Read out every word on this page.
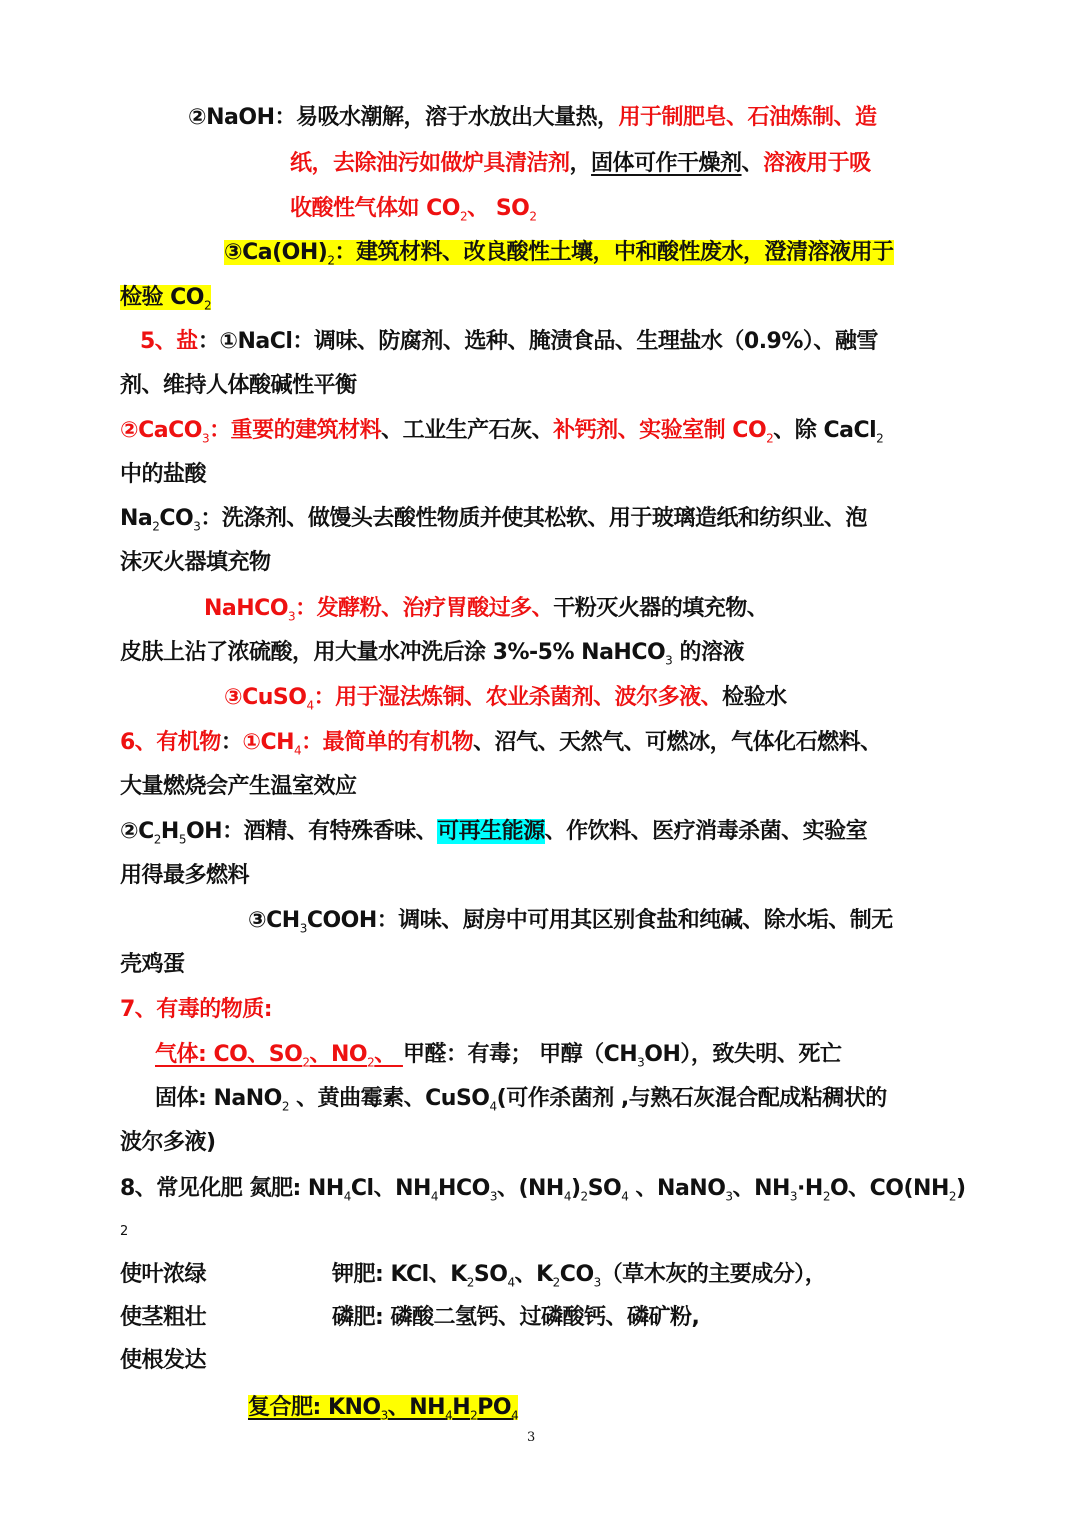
②NaOH：易吸水潮解，溶于水放出大量热，用于制肥皂、石油炼制、造
纸，去除油污如做炉具清洁剂，固体可作干燥剂、溶液用于吸
收酸性气体如 $CO_2$、 $SO_2$
$③Ca(OH)_2$：建筑材料、改良酸性土壤，中和酸性废水，澄清溶液用于
检验 $CO_2$
5、盐：①NaCl：调味、防腐剂、选种、腌渍食品、生理盐水（0.9%）、融雪
剂、维持人体酸碱性平衡
②CaCO$_3$：重要的建筑材料、工业生产石灰、补钙剂、实验室制 $CO_2$、除 CaCl$_2$
中的盐酸
$Na_2CO_3$：洗涤剂、做馒头去酸性物质并使其松软、用于玻璃造纸和纺织业、泡
沫灭火器填充物
NaHCO$_3$：发酵粉、治疗胃酸过多、干粉灭火器的填充物、
皮肤上沾了浓硫酸，用大量水冲洗后涂 3%-5% NaHCO$_3$ 的溶液
③CuSO$_4$：用于湿法炼铜、农业杀菌剂、波尔多液、检验水
6、有机物：$①CH_4$：最简单的有机物、沼气、天然气、可燃冰，气体化石燃料、
大量燃烧会产生温室效应
$②C_2H_5OH$：酒精、有特殊香味、可再生能源、作饮料、医疗消毒杀菌、实验室
用得最多燃料
$③CH_3COOH$：调味、厨房中可用其区别食盐和纯碱、除水垢、制无
壳鸡蛋
7、有毒的物质:
气体: CO、$SO_2$、$NO_2$、 甲醛：有毒； 甲醇$(CH_3OH)$，致失明、死亡
固体: NaNO$_2$ 、黄曲霉素、CuSO$_4$(可作杀菌剂 ,与熟石灰混合配成粘稠状的
波尔多液)
8、常见化肥 氮肥: $NH_4Cl$、$NH_4HCO_3$、$(NH_4)_2SO_4$ 、NaNO$_3$、$NH_3\cdot H_2O$、$CO(NH_2)$
2
使叶浓绿	钾肥: KCl、$K_2SO_4$、$K_2CO_3$（草木灰的主要成分），
使茎粗壮	磷肥: 磷酸二氢钙、过磷酸钙、磷矿粉,
使根发达
复合肥: $KNO_3$、$NH_4H_2PO_4$
3
